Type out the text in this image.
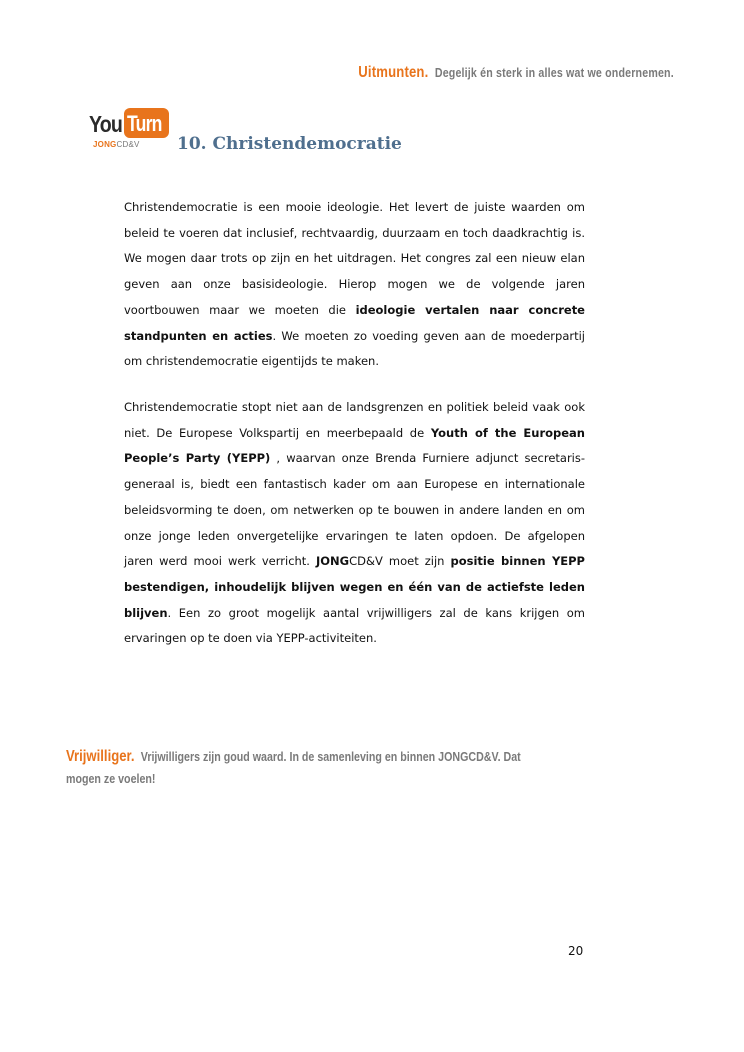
Uitmunten. Degelijk én sterk in alles wat we ondernemen.
You Turn
JONGCD&V 10. Christendemocratie

Christendemocratie is een mooie ideologie. Het levert de juiste waarden om beleid te voeren dat inclusief, rechtvaardig, duurzaam en toch daadkrachtig is. We mogen daar trots op zijn en het uitdragen. Het congres zal een nieuw elan geven aan onze basisideologie. Hierop mogen we de volgende jaren voortbouwen maar we moeten die ideologie vertalen naar concrete standpunten en acties. We moeten zo voeding geven aan de moederpartij om christendemocratie eigentijds te maken.

Christendemocratie stopt niet aan de landsgrenzen en politiek beleid vaak ook niet. De Europese Volkspartij en meerbepaald de Youth of the European People’s Party (YEPP) , waarvan onze Brenda Furniere adjunct secretaris-generaal is, biedt een fantastisch kader om aan Europese en internationale beleidsvorming te doen, om netwerken op te bouwen in andere landen en om onze jonge leden onvergetelijke ervaringen te laten opdoen. De afgelopen jaren werd mooi werk verricht. JONGCD&V moet zijn positie binnen YEPP bestendigen, inhoudelijk blijven wegen en één van de actiefste leden blijven. Een zo groot mogelijk aantal vrijwilligers zal de kans krijgen om ervaringen op te doen via YEPP-activiteiten.

Vrijwilliger. Vrijwilligers zijn goud waard. In de samenleving en binnen JONGCD&V. Dat mogen ze voelen!
20
